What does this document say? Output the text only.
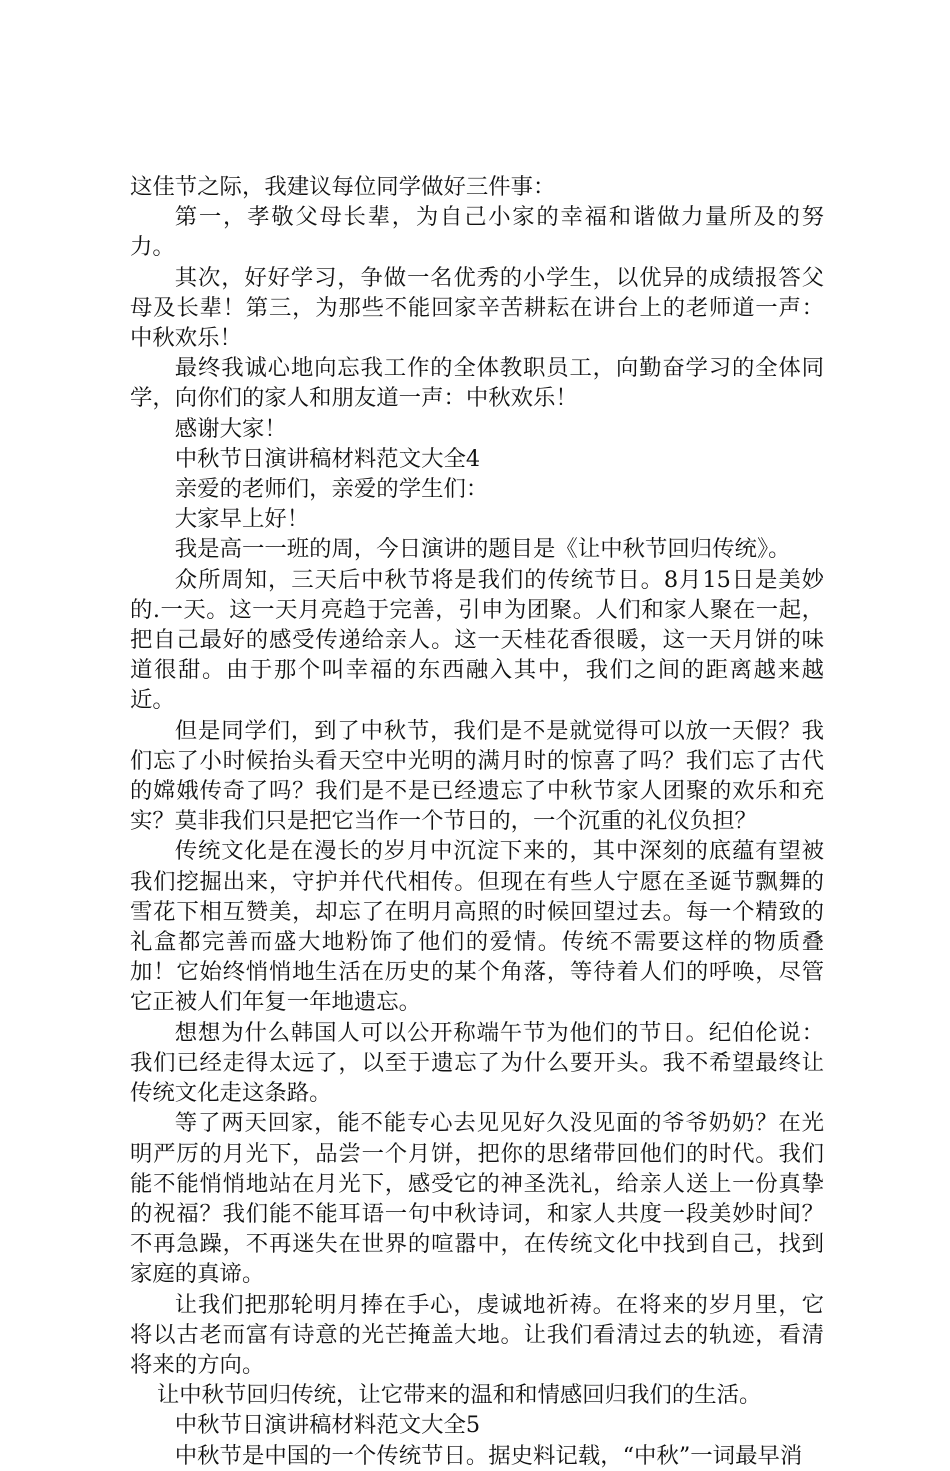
这佳节之际，我建议每位同学做好三件事：

第一，孝敬父母长辈，为自己小家的幸福和谐做力量所及的努力。

其次，好好学习，争做一名优秀的小学生，以优异的成绩报答父母及长辈！第三，为那些不能回家辛苦耕耘在讲台上的老师道一声：中秋欢乐！

最终我诚心地向忘我工作的全体教职员工，向勤奋学习的全体同学，向你们的家人和朋友道一声：中秋欢乐！

感谢大家！

中秋节日演讲稿材料范文大全4

亲爱的老师们，亲爱的学生们：

大家早上好！

我是高一一班的周，今日演讲的题目是《让中秋节回归传统》。

众所周知，三天后中秋节将是我们的传统节日。8月15日是美妙的.一天。这一天月亮趋于完善，引申为团聚。人们和家人聚在一起，把自己最好的感受传递给亲人。这一天桂花香很暖，这一天月饼的味道很甜。由于那个叫幸福的东西融入其中，我们之间的距离越来越近。

但是同学们，到了中秋节，我们是不是就觉得可以放一天假？我们忘了小时候抬头看天空中光明的满月时的惊喜了吗？我们忘了古代的嫦娥传奇了吗？我们是不是已经遗忘了中秋节家人团聚的欢乐和充实？莫非我们只是把它当作一个节日的，一个沉重的礼仪负担？

传统文化是在漫长的岁月中沉淀下来的，其中深刻的底蕴有望被我们挖掘出来，守护并代代相传。但现在有些人宁愿在圣诞节飘舞的雪花下相互赞美，却忘了在明月高照的时候回望过去。每一个精致的礼盒都完善而盛大地粉饰了他们的爱情。传统不需要这样的物质叠加！它始终悄悄地生活在历史的某个角落，等待着人们的呼唤，尽管它正被人们年复一年地遗忘。

想想为什么韩国人可以公开称端午节为他们的节日。纪伯伦说：我们已经走得太远了，以至于遗忘了为什么要开头。我不希望最终让传统文化走这条路。

等了两天回家，能不能专心去见见好久没见面的爷爷奶奶？在光明严厉的月光下，品尝一个月饼，把你的思绪带回他们的时代。我们能不能悄悄地站在月光下，感受它的神圣洗礼，给亲人送上一份真挚的祝福？我们能不能耳语一句中秋诗词，和家人共度一段美妙时间？不再急躁，不再迷失在世界的喧嚣中，在传统文化中找到自己，找到家庭的真谛。

让我们把那轮明月捧在手心，虔诚地祈祷。在将来的岁月里，它将以古老而富有诗意的光芒掩盖大地。让我们看清过去的轨迹，看清将来的方向。

让中秋节回归传统，让它带来的温和和情感回归我们的生活。

中秋节日演讲稿材料范文大全5

中秋节是中国的一个传统节日。据史料记载，“中秋”一词最早消
